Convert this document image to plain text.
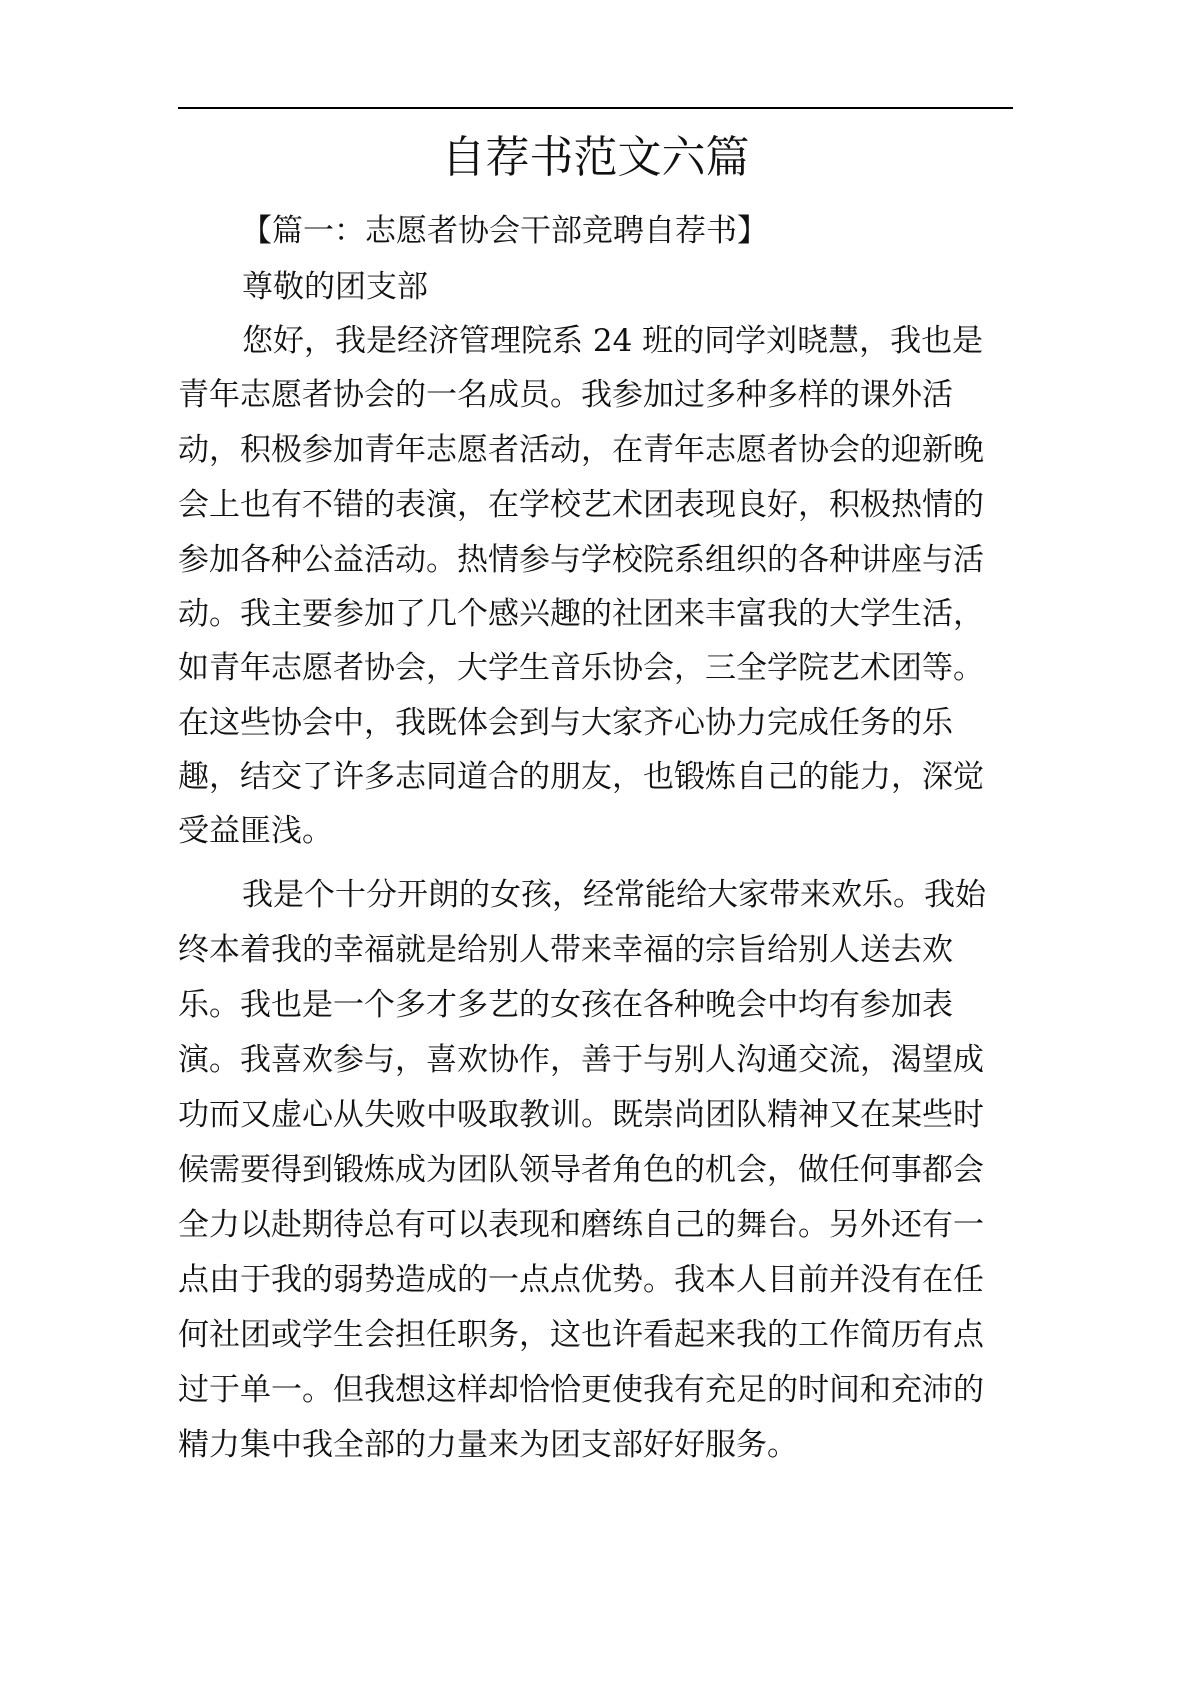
自荐书范文六篇
【篇一：志愿者协会干部竞聘自荐书】
尊敬的团支部
您好，我是经济管理院系 24 班的同学刘晓慧，我也是
青年志愿者协会的一名成员。我参加过多种多样的课外活
动，积极参加青年志愿者活动，在青年志愿者协会的迎新晚
会上也有不错的表演，在学校艺术团表现良好，积极热情的
参加各种公益活动。热情参与学校院系组织的各种讲座与活
动。我主要参加了几个感兴趣的社团来丰富我的大学生活，
如青年志愿者协会，大学生音乐协会，三全学院艺术团等。
在这些协会中，我既体会到与大家齐心协力完成任务的乐
趣，结交了许多志同道合的朋友，也锻炼自己的能力，深觉
受益匪浅。
我是个十分开朗的女孩，经常能给大家带来欢乐。我始
终本着我的幸福就是给别人带来幸福的宗旨给别人送去欢
乐。我也是一个多才多艺的女孩在各种晚会中均有参加表
演。我喜欢参与，喜欢协作，善于与别人沟通交流，渴望成
功而又虚心从失败中吸取教训。既崇尚团队精神又在某些时
候需要得到锻炼成为团队领导者角色的机会，做任何事都会
全力以赴期待总有可以表现和磨练自己的舞台。另外还有一
点由于我的弱势造成的一点点优势。我本人目前并没有在任
何社团或学生会担任职务，这也许看起来我的工作简历有点
过于单一。但我想这样却恰恰更使我有充足的时间和充沛的
精力集中我全部的力量来为团支部好好服务。
